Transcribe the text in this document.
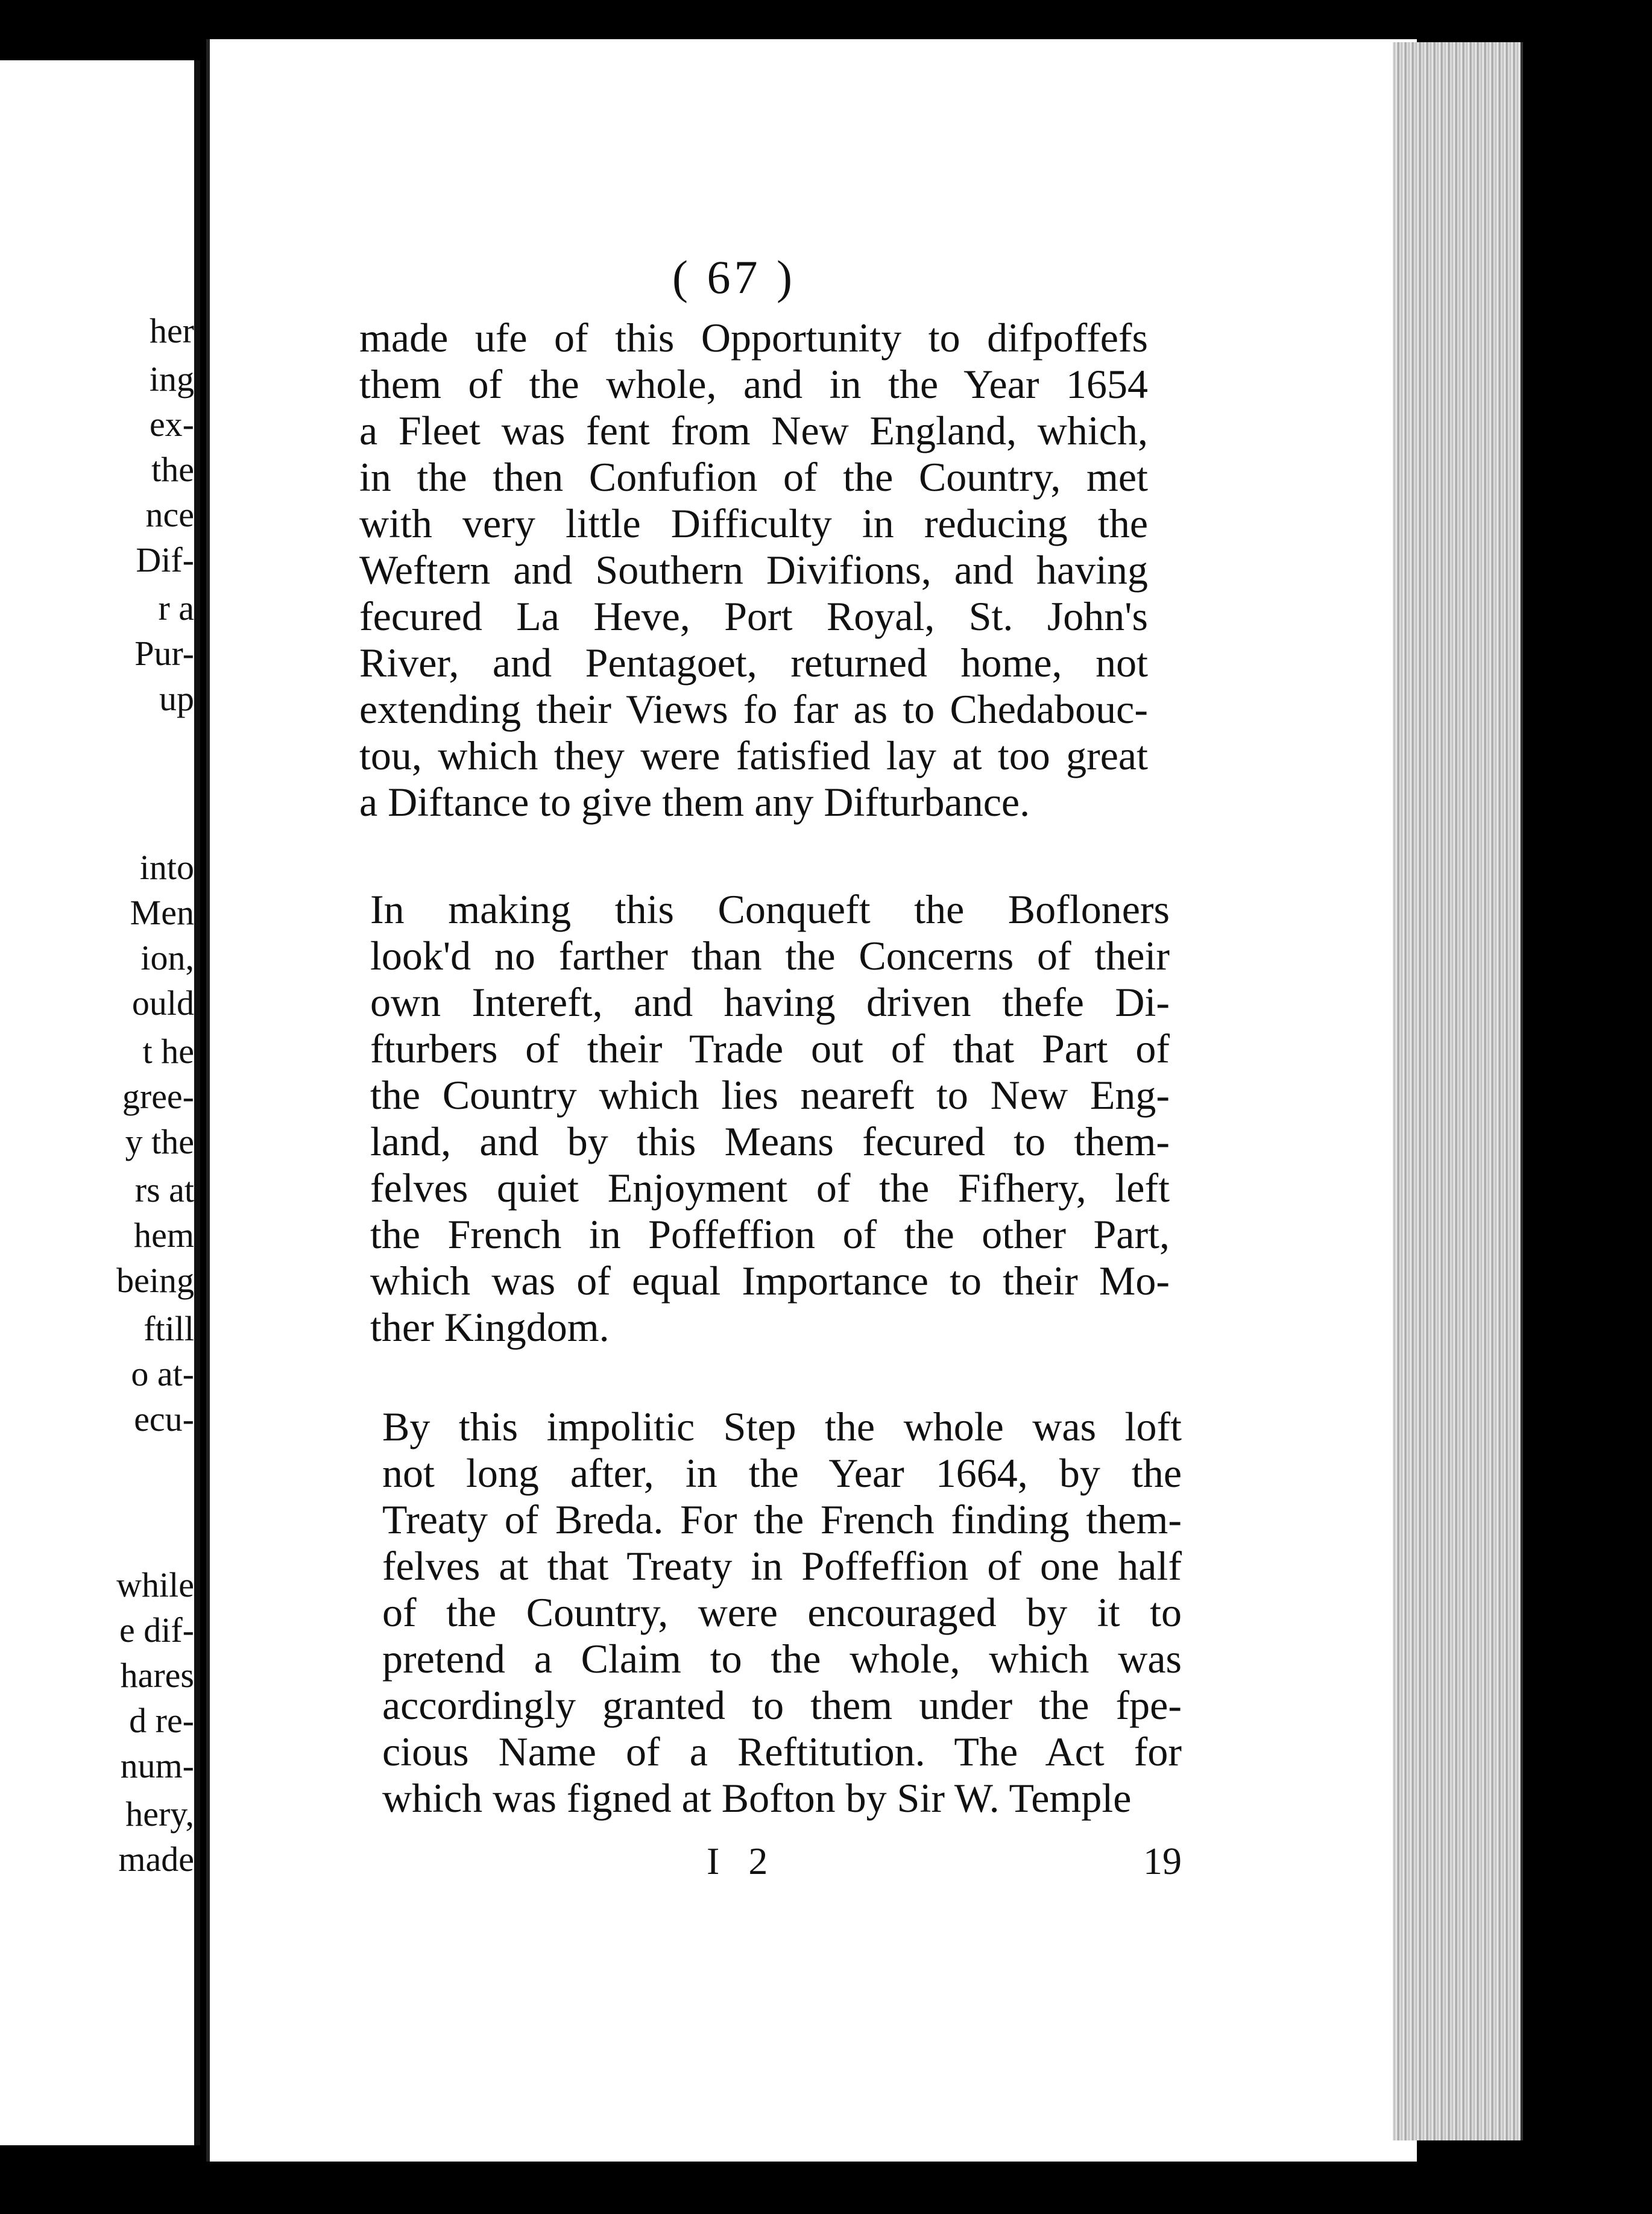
her
ing
ex-
the
nce
Dif-
r a
Pur-
up
into
Men
ion,
ould
t he
gree-
y the
rs at
hem
being
ftill
o at-
ecu-
while
e dif-
hares
d re-
num-
hery,
made
( 67 )
made ufe of this Opportunity to difpoffefs
them of the whole, and in the Year 1654
a Fleet was fent from New England, which,
in the then Confufion of the Country, met
with very little Difficulty in reducing the
Weftern and Southern Divifions, and having
fecured La Heve, Port Royal, St. John's
River, and Pentagoet, returned home, not
extending their Views fo far as to Chedabouc-
tou, which they were fatisfied lay at too great
a Diftance to give them any Difturbance.
In making this Conqueft the Bofloners
look'd no farther than the Concerns of their
own Intereft, and having driven thefe Di-
fturbers of their Trade out of that Part of
the Country which lies neareft to New Eng-
land, and by this Means fecured to them-
felves quiet Enjoyment of the Fifhery, left
the French in Poffeffion of the other Part,
which was of equal Importance to their Mo-
ther Kingdom.
By this impolitic Step the whole was loft
not long after, in the Year 1664, by the
Treaty of Breda. For the French finding them-
felves at that Treaty in Poffeffion of one half
of the Country, were encouraged by it to
pretend a Claim to the whole, which was
accordingly granted to them under the fpe-
cious Name of a Reftitution. The Act for
which was figned at Bofton by Sir W. Temple
I 2	19
